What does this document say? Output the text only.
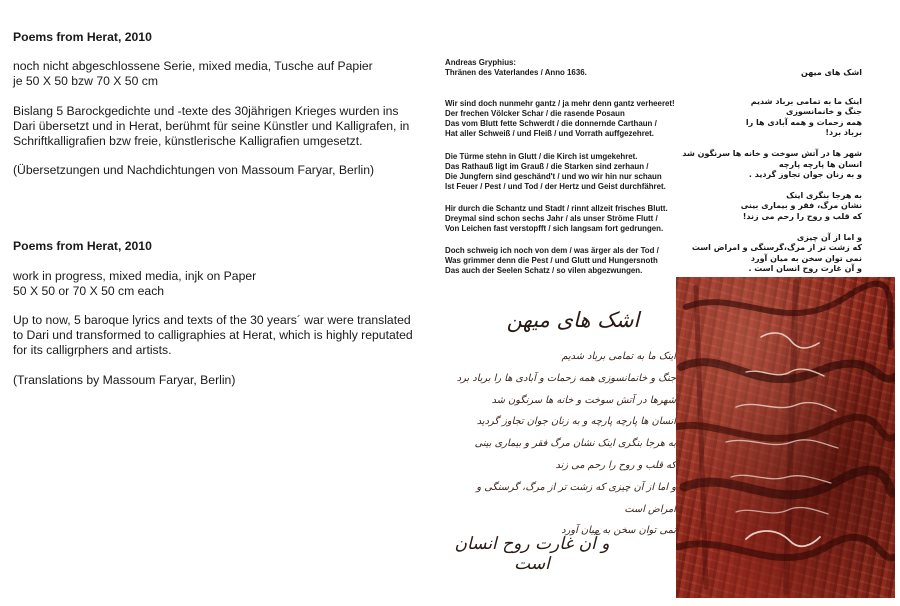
Poems from Herat, 2010

noch nicht abgeschlossene Serie, mixed media, Tusche auf Papier
je 50 X 50 bzw 70 X 50 cm

Bislang 5 Barockgedichte und -texte des 30jährigen Krieges wurden ins Dari übersetzt und in Herat, berühmt für seine Künstler und Kalligrafen, in Schriftkalligrafien bzw freie, künstlerische Kalligrafien umgesetzt.

(Übersetzungen und Nachdichtungen von Massoum Faryar, Berlin)

Poems from Herat, 2010

work in progress, mixed media, injk on Paper
50 X 50 or 70 X 50 cm each

Up to now, 5 baroque lyrics and texts of the 30 years´ war were translated to Dari und transformed to calligraphies at Herat, which is highly reputated for its calligrphers and artists.

(Translations by Massoum Faryar, Berlin)

Andreas Gryphius:
Thränen des Vaterlandes / Anno 1636.

Wir sind doch nunmehr gantz / ja mehr denn gantz verheeret!
Der frechen Völcker Schar / die rasende Posaun
Das vom Blutt fette Schwerdt / die donnernde Carthaun /
Hat aller Schweiß / und Fleiß / und Vorrath auffgezehret.

Die Türme stehn in Glutt / die Kirch ist umgekehret.
Das Rathauß ligt im Grauß / die Starken sind zerhaun /
Die Jungfern sind geschänd't / und wo wir hin nur schaun
Ist Feuer / Pest / und Tod / der Hertz und Geist durchfähret.

Hir durch die Schantz und Stadt / rinnt allzeit frisches Blutt.
Dreymal sind schon sechs Jahr / als unser Ströme Flutt /
Von Leichen fast verstopfft / sich langsam fort gedrungen.

Doch schweig ich noch von dem / was ärger als der Tod /
Was grimmer denn die Pest / und Glutt und Hungersnoth
Das auch der Seelen Schatz / so vilen abgezwungen.

اشک های میهن

اینک ما به تمامی برباد شدیم
جنگ و خانمانسوزی
همه زحمات و همه آبادی ها را
برباد برد!

شهر ها در آتش سوخت و خانه ها سرنگون شد
انسان ها پارچه پارچه
و به زنان جوان تجاوز گردید .

به هرجا بنگری اینک
نشان مرگ، فقر و بیماری بینی
که قلب و روح را رحم می زند!

و اما از آن چیزی
که زشت تر از مرگ،گرسنگی و امراض است
نمی توان سخن به میان آورد
و آن غارت روح انسان است .

اشک های میهن
اینک ما به تمامی برباد شدیم
جنگ و خانمانسوزی همه زحمات و آبادی ها را برباد برد
شهرها در آتش سوخت و خانه ها سرنگون شد
انسان ها پارچه پارچه و به زنان جوان تجاوز گردید
به هرجا بنگری اینک نشان مرگ فقر و بیماری بینی
که قلب و روح را رحم می زند
و اما از آن چیزی که زشت تر از مرگ، گرسنگی و امراض است
نمی توان سخن به میان آورد
و آن غارت روح انسان است
